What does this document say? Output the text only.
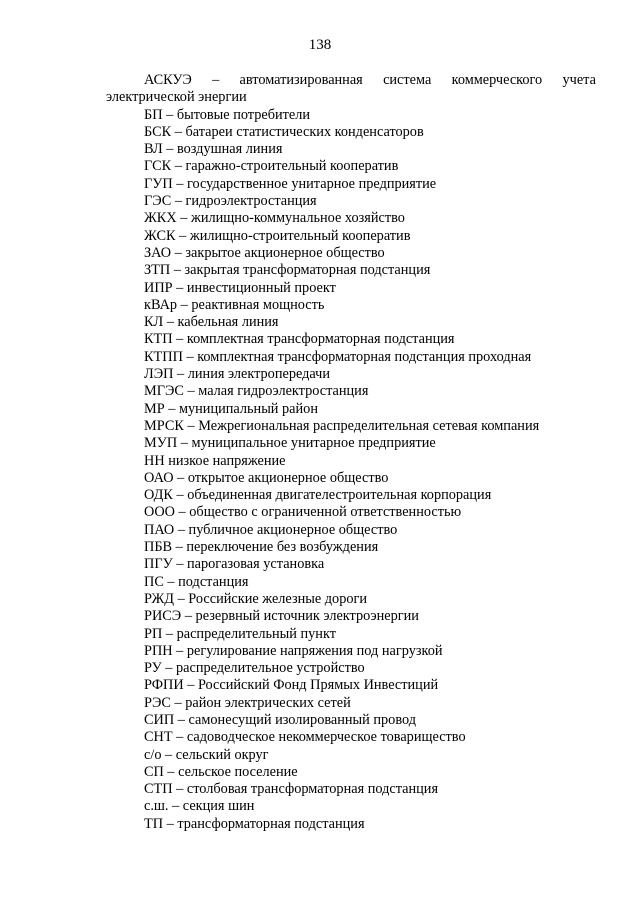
138
АСКУЭ – автоматизированная система коммерческого учета
электрической энергии
БП – бытовые потребители
БСК – батареи статистических конденсаторов
ВЛ – воздушная линия
ГСК – гаражно-строительный кооператив
ГУП – государственное унитарное предприятие
ГЭС – гидроэлектростанция
ЖКХ – жилищно-коммунальное хозяйство
ЖСК – жилищно-строительный кооператив
ЗАО – закрытое акционерное общество
ЗТП – закрытая трансформаторная подстанция
ИПР – инвестиционный проект
кВАр – реактивная мощность
КЛ – кабельная линия
КТП – комплектная трансформаторная подстанция
КТПП – комплектная трансформаторная подстанция проходная
ЛЭП – линия электропередачи
МГЭС – малая гидроэлектростанция
МР – муниципальный район
МРСК – Межрегиональная распределительная сетевая компания
МУП – муниципальное унитарное предприятие
НН низкое напряжение
ОАО – открытое акционерное общество
ОДК – объединенная двигателестроительная корпорация
ООО – общество с ограниченной ответственностью
ПАО – публичное акционерное общество
ПБВ – переключение без возбуждения
ПГУ – парогазовая установка
ПС – подстанция
РЖД – Российские железные дороги
РИСЭ – резервный источник электроэнергии
РП – распределительный пункт
РПН – регулирование напряжения под нагрузкой
РУ – распределительное устройство
РФПИ – Российский Фонд Прямых Инвестиций
РЭС – район электрических сетей
СИП – самонесущий изолированный провод
СНТ – садоводческое некоммерческое товарищество
с/о – сельский округ
СП – сельское поселение
СТП – столбовая трансформаторная подстанция
с.ш. – секция шин
ТП – трансформаторная подстанция
